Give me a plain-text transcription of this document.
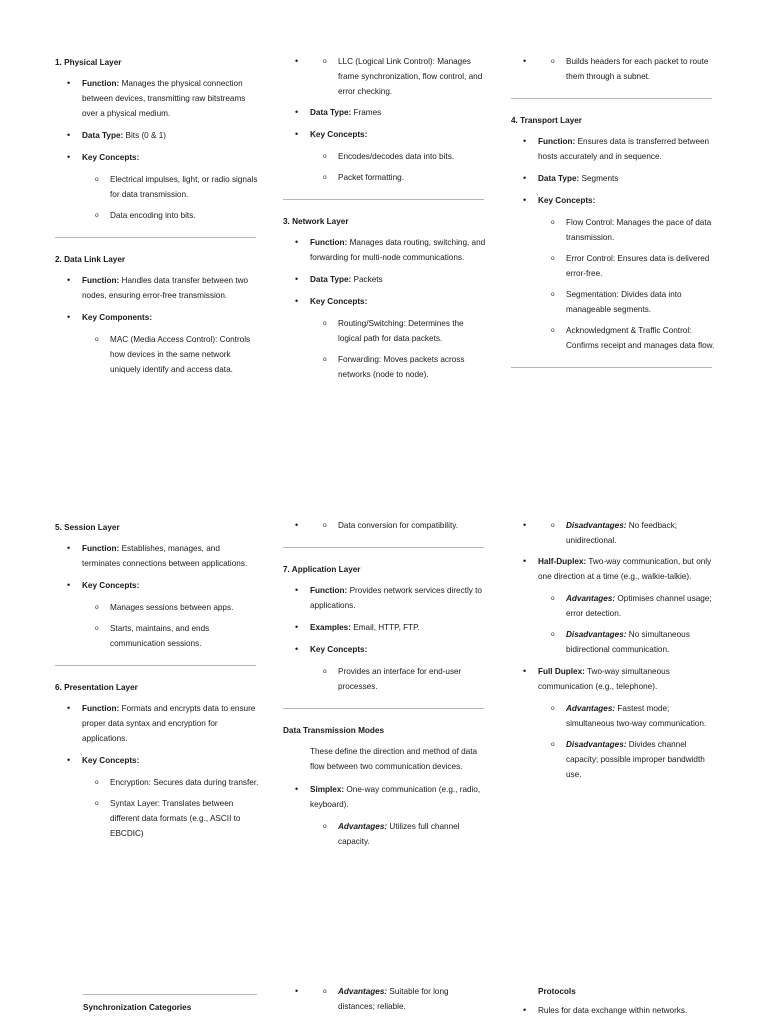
1. Physical Layer
• Function: Manages the physical connection between devices, transmitting raw bitstreams over a physical medium.
• Data Type: Bits (0 & 1)
• Key Concepts:
o Electrical impulses, light, or radio signals for data transmission.
o Data encoding into bits.
2. Data Link Layer
• Function: Handles data transfer between two nodes, ensuring error-free transmission.
• Key Components:
o MAC (Media Access Control): Controls how devices in the same network uniquely identify and access data.
o • LLC (Logical Link Control): Manages frame synchronization, flow control, and error checking.
• Data Type: Frames
• Key Concepts:
o Encodes/decodes data into bits.
o Packet formatting.
3. Network Layer
• Function: Manages data routing, switching, and forwarding for multi-node communications.
• Data Type: Packets
• Key Concepts:
o Routing/Switching: Determines the logical path for data packets.
o Forwarding: Moves packets across networks (node to node).
o • Builds headers for each packet to route them through a subnet.
4. Transport Layer
• Function: Ensures data is transferred between hosts accurately and in sequence.
• Data Type: Segments
• Key Concepts:
o Flow Control: Manages the pace of data transmission.
o Error Control: Ensures data is delivered error-free.
o Segmentation: Divides data into manageable segments.
o Acknowledgment & Traffic Control: Confirms receipt and manages data flow.
5. Session Layer
• Function: Establishes, manages, and terminates connections between applications.
• Key Concepts:
o Manages sessions between apps.
o Starts, maintains, and ends communication sessions.
6. Presentation Layer
• Function: Formats and encrypts data to ensure proper data syntax and encryption for applications.
• Key Concepts:
o Encryption: Secures data during transfer.
o Syntax Layer: Translates between different data formats (e.g., ASCII to EBCDIC)
o • Data conversion for compatibility.
7. Application Layer
• Function: Provides network services directly to applications.
• Examples: Email, HTTP, FTP.
• Key Concepts:
o Provides an interface for end-user processes.
Data Transmission Modes
These define the direction and method of data flow between two communication devices.
• Simplex: One-way communication (e.g., radio, keyboard).
o Advantages: Utilizes full channel capacity.
o • Disadvantages: No feedback; unidirectional.
• Half-Duplex: Two-way communication, but only one direction at a time (e.g., walkie-talkie).
o Advantages: Optimises channel usage; error detection.
o Disadvantages: No simultaneous bidirectional communication.
• Full Duplex: Two-way simultaneous communication (e.g., telephone).
o Advantages: Fastest mode; simultaneous two-way communication.
o Disadvantages: Divides channel capacity; possible improper bandwidth use.
Synchronization Categories
o • Advantages: Suitable for long distances; reliable.
Protocols
• Rules for data exchange within networks.
